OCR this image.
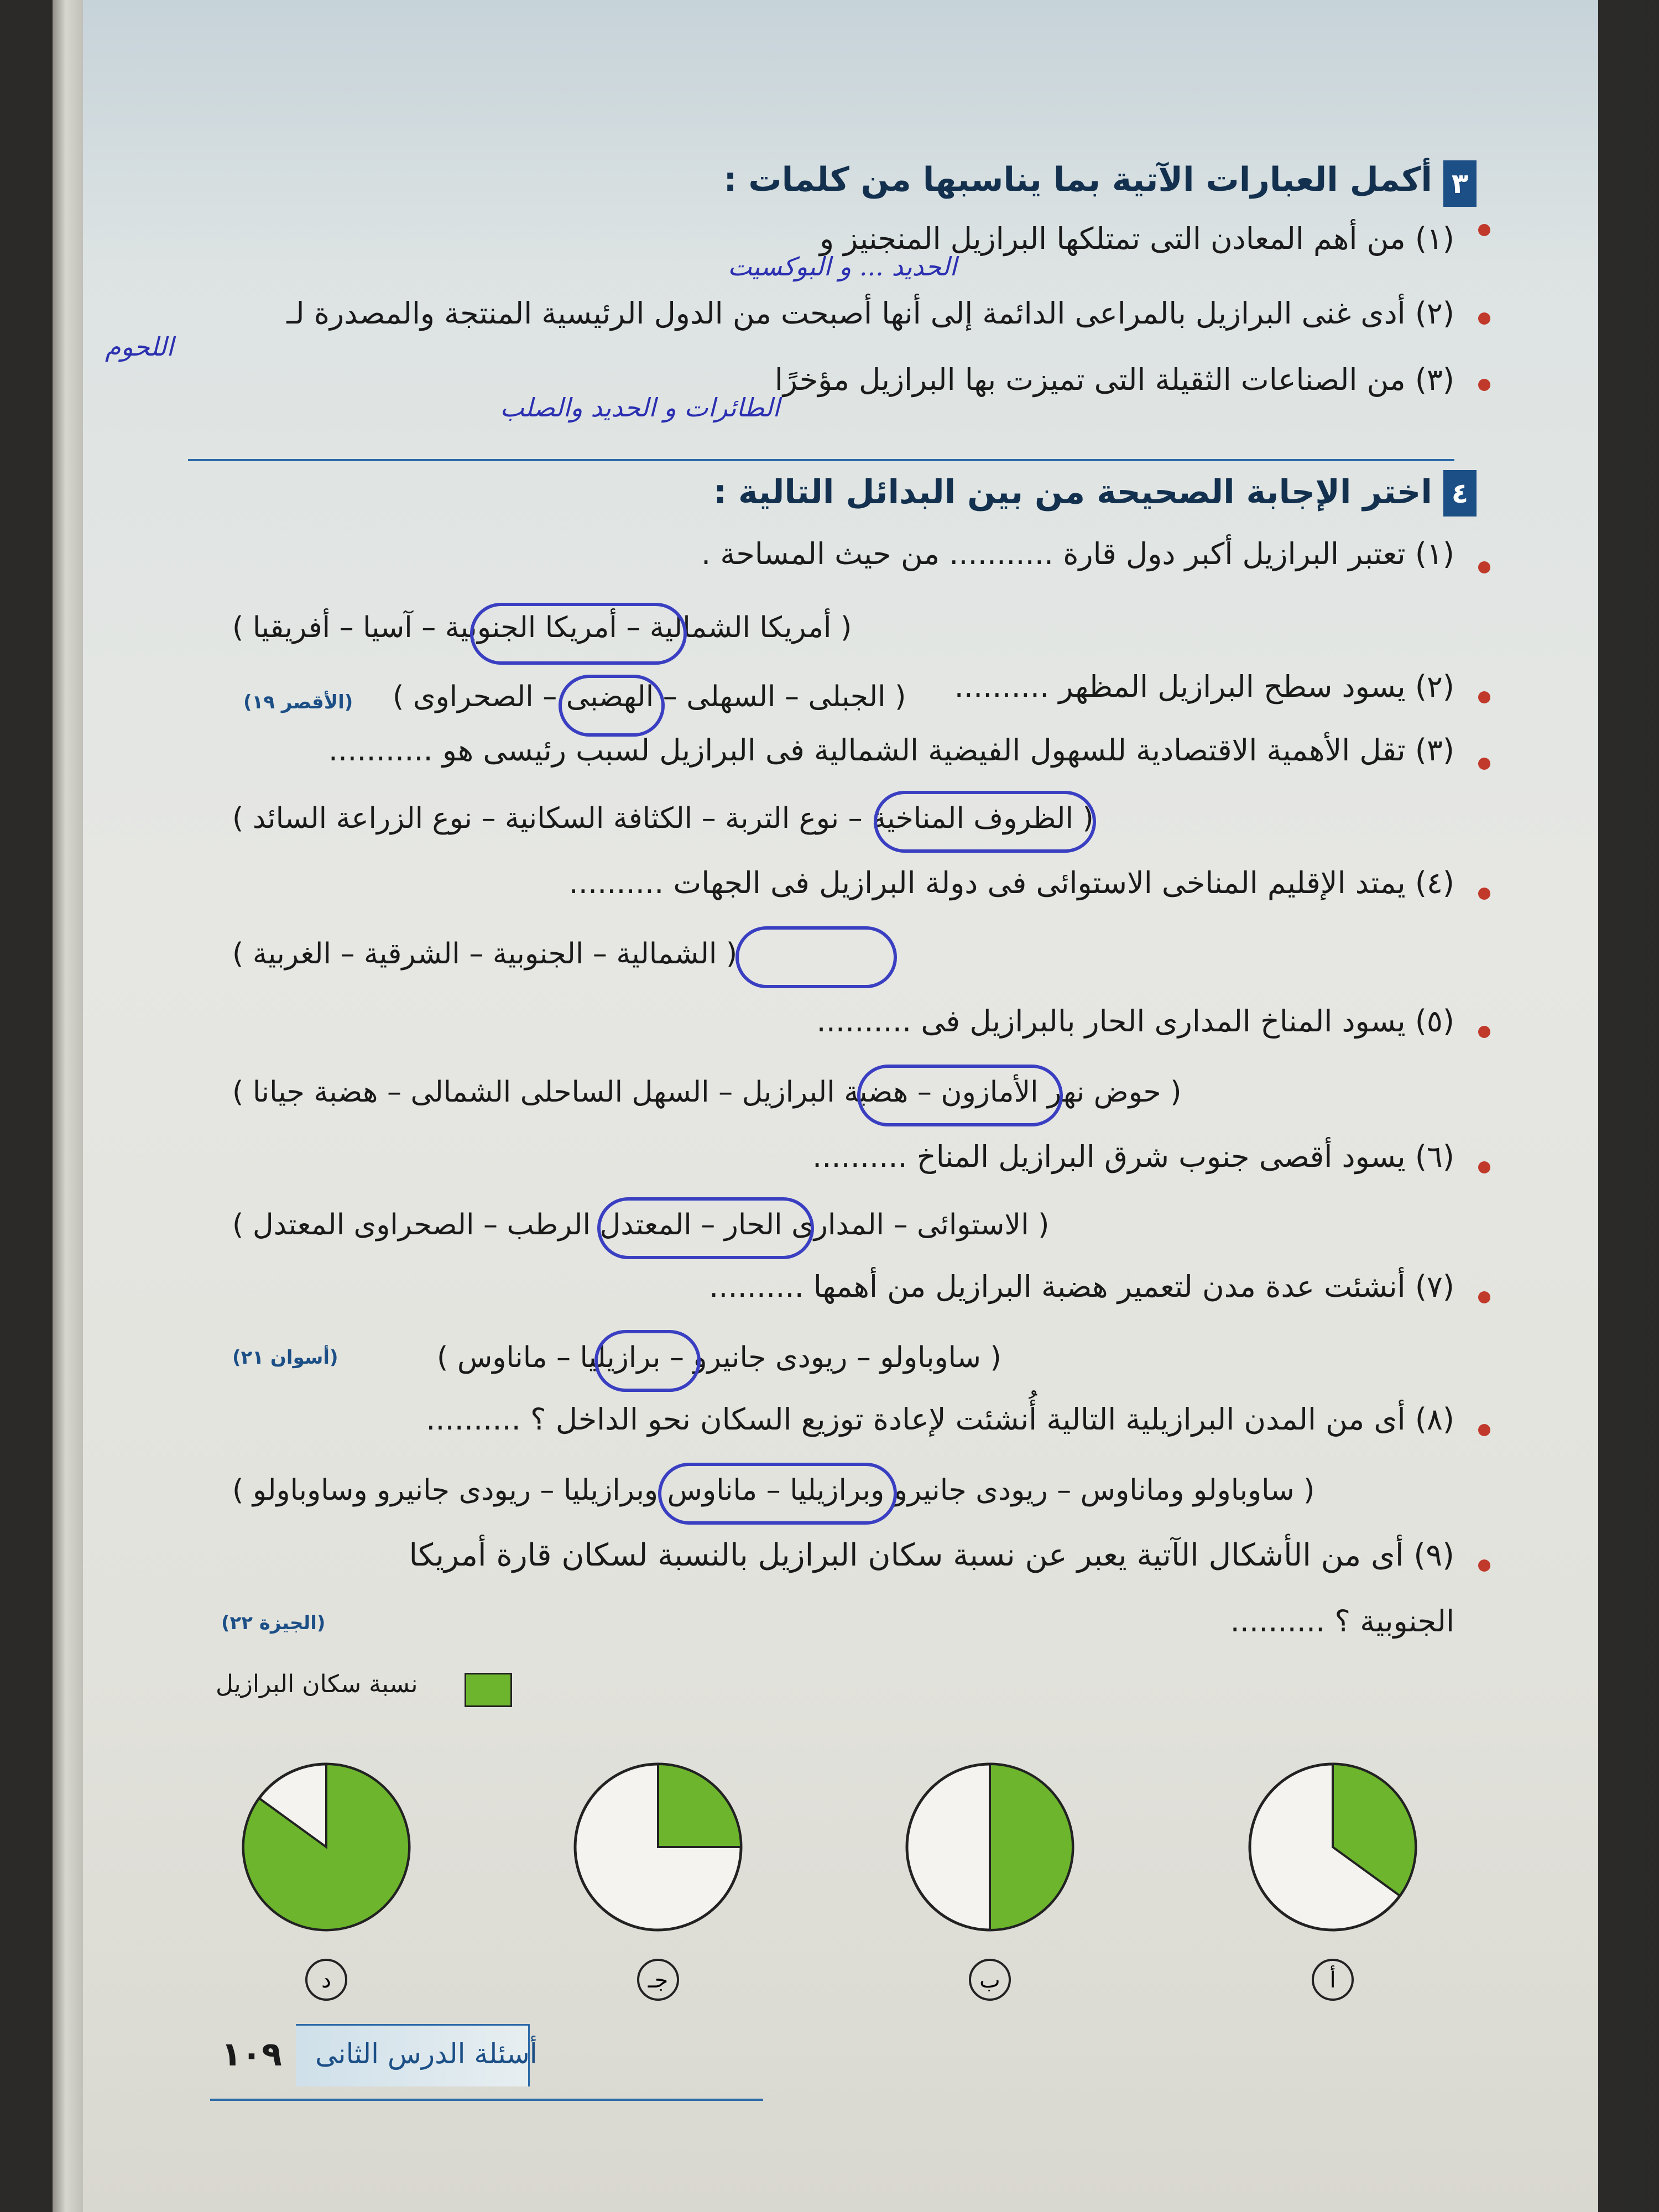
٣
أكمل العبارات الآتية بما يناسبها من كلمات :
(١) من أهم المعادن التى تمتلكها البرازيل المنجنيز و
الحديد ... و البوكسيت
(٢) أدى غنى البرازيل بالمراعى الدائمة إلى أنها أصبحت من الدول الرئيسية المنتجة والمصدرة لـ
اللحوم
(٣) من الصناعات الثقيلة التى تميزت بها البرازيل مؤخرًا
الطائرات و الحديد والصلب
٤
اختر الإجابة الصحيحة من بين البدائل التالية :
(١) تعتبر البرازيل أكبر دول قارة ........... من حيث المساحة .
( أمريكا الشمالية – أمريكا الجنوبية – آسيا – أفريقيا )
(٢) يسود سطح البرازيل المظهر ..........
( الجبلى – السهلى – الهضبى – الصحراوى )
(الأقصر ١٩)
(٣) تقل الأهمية الاقتصادية للسهول الفيضية الشمالية فى البرازيل لسبب رئيسى هو ...........
( الظروف المناخية – نوع التربة – الكثافة السكانية – نوع الزراعة السائد )
(٤) يمتد الإقليم المناخى الاستوائى فى دولة البرازيل فى الجهات ..........
( الشمالية – الجنوبية – الشرقية – الغربية )
(٥) يسود المناخ المدارى الحار بالبرازيل فى ..........
( حوض نهر الأمازون – هضبة البرازيل – السهل الساحلى الشمالى – هضبة جيانا )
(٦) يسود أقصى جنوب شرق البرازيل المناخ ..........
( الاستوائى – المدارى الحار – المعتدل الرطب – الصحراوى المعتدل )
(٧) أنشئت عدة مدن لتعمير هضبة البرازيل من أهمها ..........
( ساوباولو – ريودى جانيرو – برازيليا – ماناوس )
(أسوان ٢١)
(٨) أى من المدن البرازيلية التالية أُنشئت لإعادة توزيع السكان نحو الداخل ؟ ..........
( ساوباولو وماناوس – ريودى جانيرو وبرازيليا – ماناوس وبرازيليا – ريودى جانيرو وساوباولو )
(٩) أى من الأشكال الآتية يعبر عن نسبة سكان البرازيل بالنسبة لسكان قارة أمريكا
الجنوبية ؟ ..........
(الجيزة ٢٢)
نسبة سكان البرازيل
أ
ب
جـ
د
أسئلة الدرس الثانى
١٠٩
